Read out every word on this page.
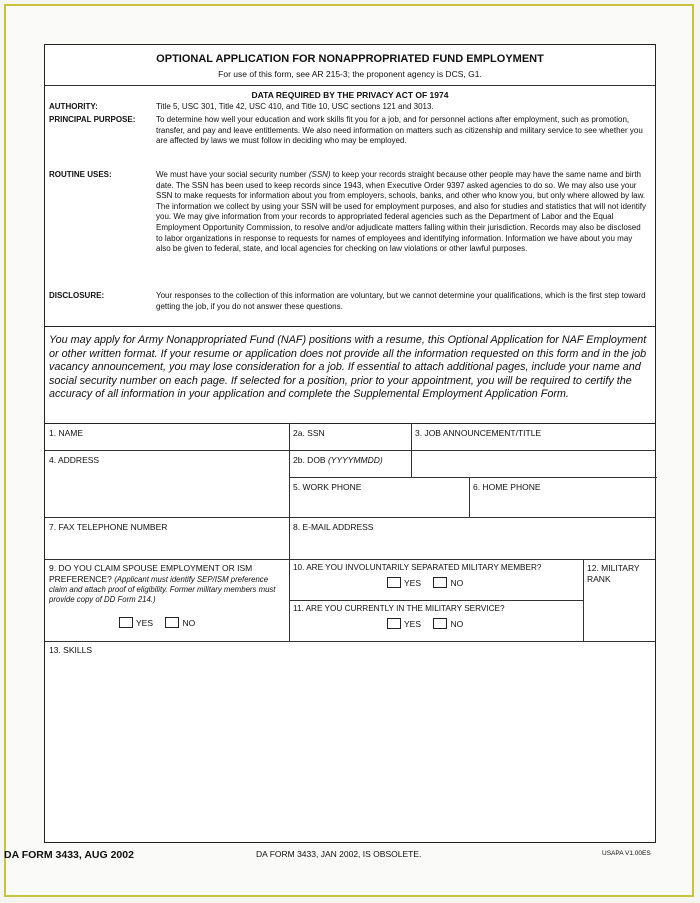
OPTIONAL APPLICATION FOR NONAPPROPRIATED FUND EMPLOYMENT
For use of this form, see AR 215-3; the proponent agency is DCS, G1.
DATA REQUIRED BY THE PRIVACY ACT OF 1974
AUTHORITY:	Title 5, USC 301, Title 42, USC 410, and Title 10, USC sections 121 and 3013.
PRINCIPAL PURPOSE:	To determine how well your education and work skills fit you for a job, and for personnel actions after employment, such as promotion, transfer, and pay and leave entitlements. We also need information on matters such as citizenship and military service to see whether you are affected by laws we must follow in deciding who may be employed.
ROUTINE USES:	We must have your social security number (SSN) to keep your records straight because other people may have the same name and birth date. The SSN has been used to keep records since 1943, when Executive Order 9397 asked agencies to do so. We may also use your SSN to make requests for information about you from employers, schools, banks, and other who know you, but only where allowed by law. The information we collect by using your SSN will be used for employment purposes, and also for studies and statistics that will not identify you. We may give information from your records to appropriated federal agencies such as the Department of Labor and the Equal Employment Opportunity Commission, to resolve and/or adjudicate matters falling within their jurisdiction. Records may also be disclosed to labor organizations in response to requests for names of employees and identifying information. Information we have about you may also be given to federal, state, and local agencies for checking on law violations or other lawful purposes.
DISCLOSURE:	Your responses to the collection of this information are voluntary, but we cannot determine your qualifications, which is the first step toward getting the job, if you do not answer these questions.
You may apply for Army Nonappropriated Fund (NAF) positions with a resume, this Optional Application for NAF Employment or other written format. If your resume or application does not provide all the information requested on this form and in the job vacancy announcement, you may lose consideration for a job. If essential to attach additional pages, include your name and social security number on each page. If selected for a position, prior to your appointment, you will be required to certify the accuracy of all information in your application and complete the Supplemental Employment Application Form.
1. NAME	2a. SSN	3. JOB ANNOUNCEMENT/TITLE
4. ADDRESS	2b. DOB (YYYYMMDD)
5. WORK PHONE	6. HOME PHONE
7. FAX TELEPHONE NUMBER	8. E-MAIL ADDRESS
9. DO YOU CLAIM SPOUSE EMPLOYMENT OR ISM PREFERENCE? (Applicant must identify SEP/ISM preference claim and attach proof of eligibility. Former military members must provide copy of DD Form 214.)
YES	NO
10. ARE YOU INVOLUNTARILY SEPARATED MILITARY MEMBER?
YES	NO
11. ARE YOU CURRENTLY IN THE MILITARY SERVICE?
YES	NO
12. MILITARY RANK
13. SKILLS
DA FORM 3433, AUG 2002	DA FORM 3433, JAN 2002, IS OBSOLETE.	USAPA V1.00ES
